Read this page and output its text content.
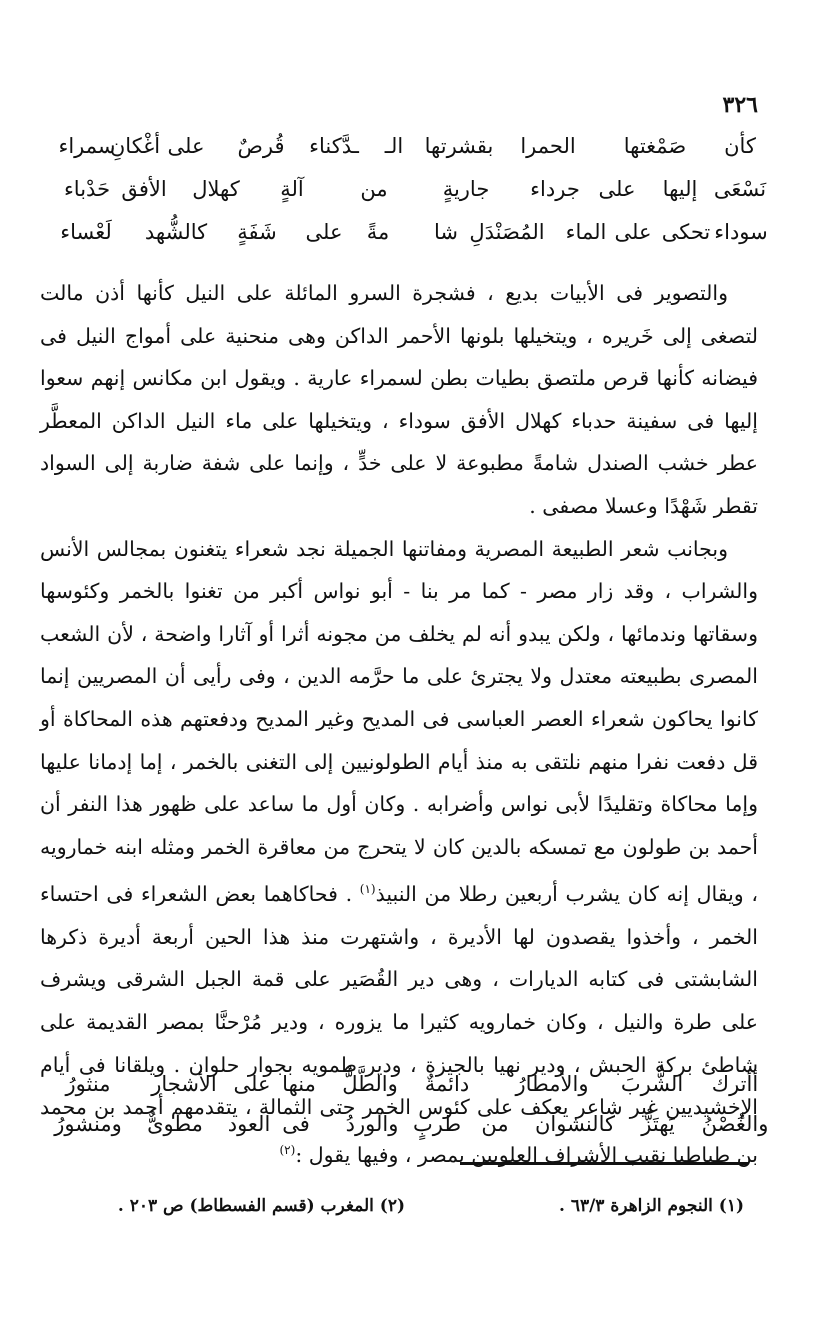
٣٢٦
كأن
صَمْغتها
الحمرا
بقشرتها
الـ
ـدَّكناء
قُرصٌ
على
أغْكانِ
سمراء
نَسْعَى
إليها
على
جرداء
جاريةٍ
من
آلةٍ
كهلال
الأفق
حَدْباء
سوداء
تحكى
على
الماء
المُصَنْدَلِ
شا
مةً
على
شَفَةٍ
كالشُّهد
لَعْساء

والتصوير فى الأبيات بديع ، فشجرة السرو المائلة على النيل كأنها أذن مالت لتصغى إلى خَريره ، ويتخيلها بلونها الأحمر الداكن وهى منحنية على أمواج النيل فى فيضانه كأنها قرص ملتصق بطيات بطن لسمراء عارية . ويقول ابن مكانس إنهم سعوا إليها فى سفينة حدباء كهلال الأفق سوداء ، ويتخيلها على ماء النيل الداكن المعطَّر عطر خشب الصندل شامةً مطبوعة لا على خدٍّ ، وإنما على شفة ضاربة إلى السواد تقطر شَهْدًا وعسلا مصفى .

وبجانب شعر الطبيعة المصرية ومفاتنها الجميلة نجد شعراء يتغنون بمجالس الأنس والشراب ، وقد زار مصر - كما مر بنا - أبو نواس أكبر من تغنوا بالخمر وكئوسها وسقاتها وندمائها ، ولكن يبدو أنه لم يخلف من مجونه أثرا أو آثارا واضحة ، لأن الشعب المصرى بطبيعته معتدل ولا يجترئ على ما حرَّمه الدين ، وفى رأيى أن المصريين إنما كانوا يحاكون شعراء العصر العباسى فى المديح وغير المديح ودفعتهم هذه المحاكاة أو قل دفعت نفرا منهم نلتقى به منذ أيام الطولونيين إلى التغنى بالخمر ، إما إدمانا عليها وإما محاكاة وتقليدًا لأبى نواس وأضرابه . وكان أول ما ساعد على ظهور هذا النفر أن أحمد بن طولون مع تمسكه بالدين كان لا يتحرج من معاقرة الخمر ومثله ابنه خمارويه ، ويقال إنه كان يشرب أربعين رطلا من النبيذ$^{(١)}$ . فحاكاهما بعض الشعراء فى احتساء الخمر ، وأخذوا يقصدون لها الأديرة ، واشتهرت منذ هذا الحين أربعة أديرة ذكرها الشابشتى فى كتابه الديارات ، وهى دير القُصَير على قمة الجبل الشرقى ويشرف على طرة والنيل ، وكان خمارويه كثيرا ما يزوره ، ودير مُرْحنَّا بمصر القديمة على شاطئ بركة الحبش ، ودير نهيا بالجيزة ، ودير طمويه بجوار حلوان . ويلقانا فى أيام الإخشيديين غير شاعر يعكف على كئوس الخمر حتى الثمالة ، يتقدمهم أحمد بن محمد بن طباطبا نقيب الأشراف العلويين بمصر ، وفيها يقول :$^{(٢)}$

أأترك
الشُّربَ
والأمطارُ
دائمةٌ
والطَّلُّ
منها
على
الأشجار
منثورُ
والغُصْنُ
يَهتَزُّ
كالنشوان
من
طربٍ
والوردُ
فى
العود
مطوىٌّ
ومنشورُ
(١) النجوم الزاهرة ٦٣/٣ .
(٢) المغرب (قسم الفسطاط) ص ٢٠٣ .
